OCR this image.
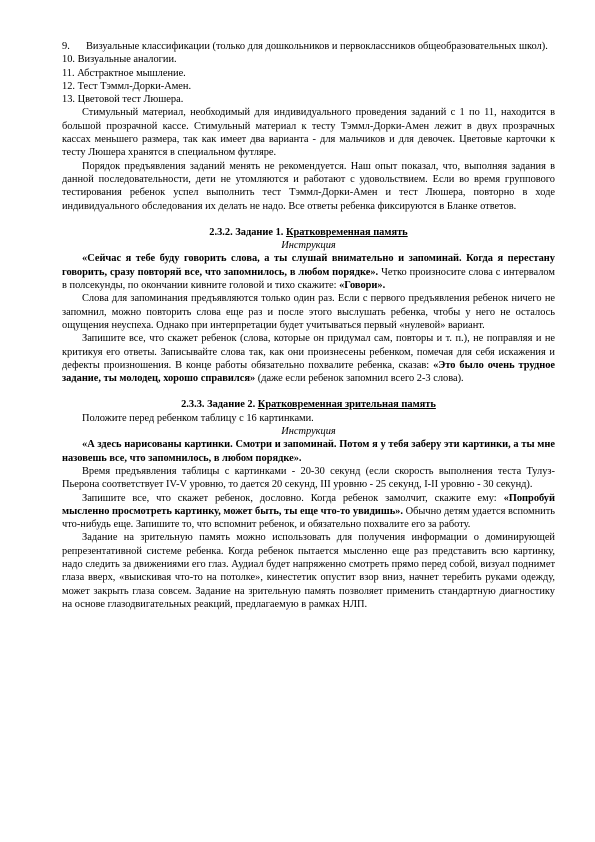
9.	Визуальные классификации (только для дошкольников и первоклассников общеобразовательных школ).
10. Визуальные аналогии.
11. Абстрактное мышление.
12. Тест Тэммл-Дорки-Амен.
13. Цветовой тест Люшера.

Стимульный материал, необходимый для индивидуального проведения заданий с 1 по 11, находится в большой прозрачной кассе. Стимульный материал к тесту Тэммл-Дорки-Амен лежит в двух прозрачных кассах меньшего размера, так как имеет два варианта - для мальчиков и для девочек. Цветовые карточки к тесту Люшера хранятся в специальном футляре.

Порядок предъявления заданий менять не рекомендуется. Наш опыт показал, что, выполняя задания в данной последовательности, дети не утомляются и работают с удовольствием. Если во время группового тестирования ребенок успел выполнить тест Тэммл-Дорки-Амен и тест Люшера, повторно в ходе индивидуального обследования их делать не надо. Все ответы ребенка фиксируются в Бланке ответов.

2.3.2. Задание 1. Кратковременная память
Инструкция

«Сейчас я тебе буду говорить слова, а ты слушай внимательно и запоминай. Когда я перестану говорить, сразу повторяй все, что запомнилось, в любом порядке». Четко произносите слова с интервалом в полсекунды, по окончании кивните головой и тихо скажите: «Говори».

Слова для запоминания предъявляются только один раз. Если с первого предъявления ребенок ничего не запомнил, можно повторить слова еще раз и после этого выслушать ребенка, чтобы у него не осталось ощущения неуспеха. Однако при интерпретации будет учитываться первый «нулевой» вариант.

Запишите все, что скажет ребенок (слова, которые он придумал сам, повторы и т. п.), не поправляя и не критикуя его ответы. Записывайте слова так, как они произнесены ребенком, помечая для себя искажения и дефекты произношения. В конце работы обязательно похвалите ребенка, сказав: «Это было очень трудное задание, ты молодец, хорошо справился» (даже если ребенок запомнил всего 2-3 слова).

2.3.3. Задание 2. Кратковременная зрительная память

Положите перед ребенком таблицу с 16 картинками.

Инструкция

«А здесь нарисованы картинки. Смотри и запоминай. Потом я у тебя заберу эти картинки, а ты мне назовешь все, что запомнилось, в любом порядке».

Время предъявления таблицы с картинками - 20-30 секунд (если скорость выполнения теста Тулуз-Пьерона соответствует IV-V уровню, то дается 20 секунд, III уровню - 25 секунд, I-II уровню - 30 секунд).

Запишите все, что скажет ребенок, дословно. Когда ребенок замолчит, скажите ему: «Попробуй мысленно просмотреть картинку, может быть, ты еще что-то увидишь». Обычно детям удается вспомнить что-нибудь еще. Запишите то, что вспомнит ребенок, и обязательно похвалите его за работу.

Задание на зрительную память можно использовать для получения информации о доминирующей репрезентативной системе ребенка. Когда ребенок пытается мысленно еще раз представить всю картинку, надо следить за движениями его глаз. Аудиал будет напряженно смотреть прямо перед собой, визуал поднимет глаза вверх, «выискивая что-то на потолке», кинестетик опустит взор вниз, начнет теребить руками одежду, может закрыть глаза совсем. Задание на зрительную память позволяет применить стандартную диагностику на основе глазодвигательных реакций, предлагаемую в рамках НЛП.
